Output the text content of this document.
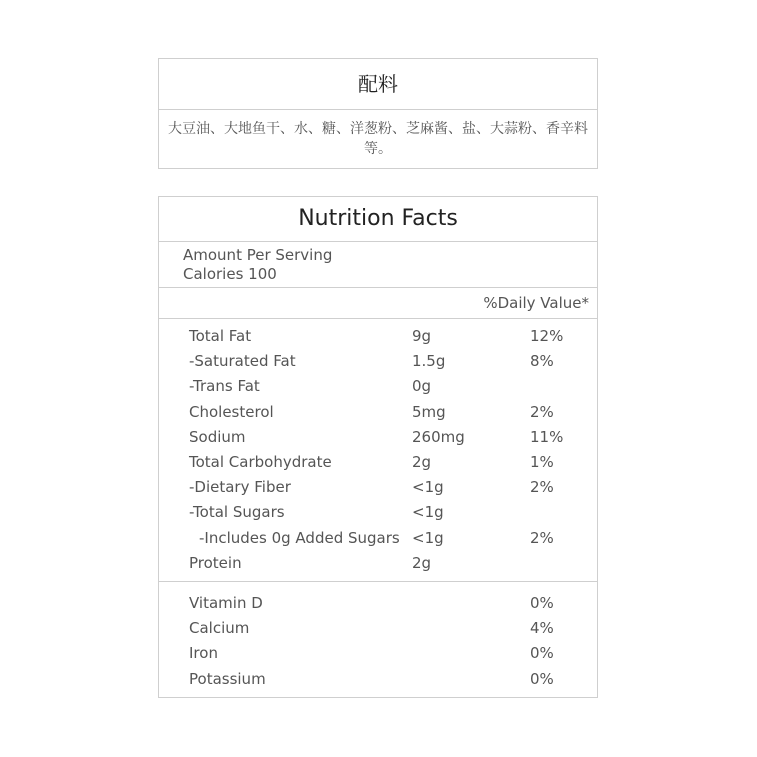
配料
大豆油、大地鱼干、水、糖、洋葱粉、芝麻酱、盐、大蒜粉、香辛料等。
Nutrition Facts
Amount Per Serving
Calories 100
%Daily Value*
Total Fat	9g	12%
-Saturated Fat	1.5g	8%
-Trans Fat	0g
Cholesterol	5mg	2%
Sodium	260mg	11%
Total Carbohydrate	2g	1%
-Dietary Fiber	<1g	2%
-Total Sugars	<1g
-Includes 0g Added Sugars <1g	2%
Protein	2g
Vitamin D	0%
Calcium	4%
Iron	0%
Potassium	0%
